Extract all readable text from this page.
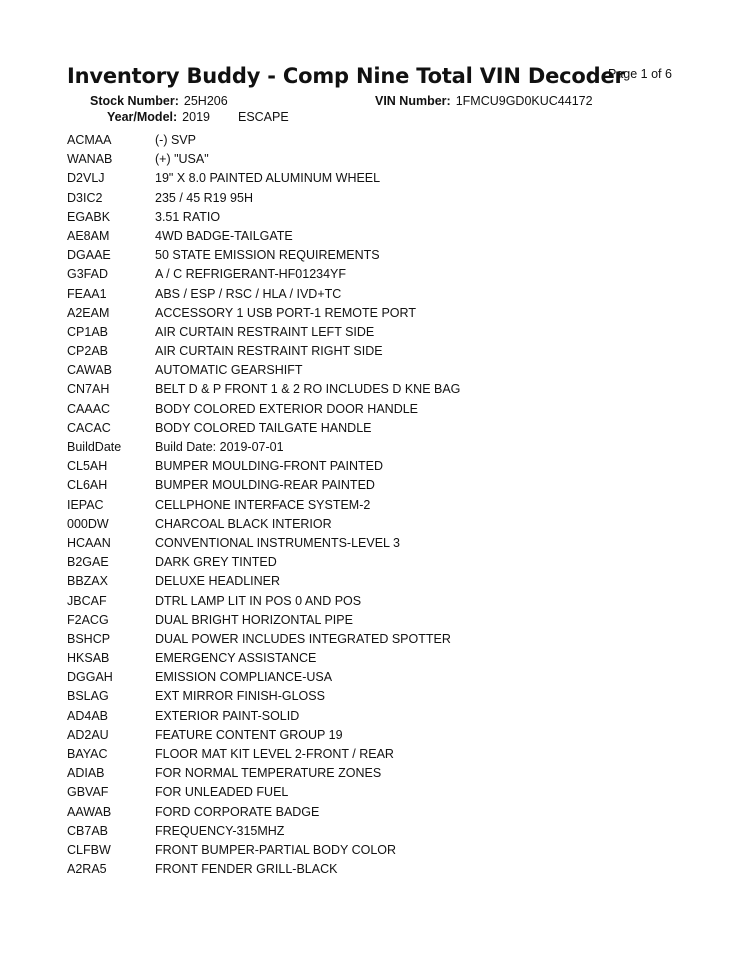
Inventory Buddy - Comp Nine Total VIN Decoder
Page 1 of 6
Stock Number: 25H206	VIN Number: 1FMCU9GD0KUC44172
Year/Model: 2019 ESCAPE
ACMAA	(-) SVP
WANAB	(+) "USA"
D2VLJ	19" X 8.0 PAINTED ALUMINUM WHEEL
D3IC2	235 / 45 R19 95H
EGABK	3.51 RATIO
AE8AM	4WD BADGE-TAILGATE
DGAAE	50 STATE EMISSION REQUIREMENTS
G3FAD	A / C REFRIGERANT-HF01234YF
FEAA1	ABS / ESP / RSC / HLA / IVD+TC
A2EAM	ACCESSORY 1 USB PORT-1 REMOTE PORT
CP1AB	AIR CURTAIN RESTRAINT LEFT SIDE
CP2AB	AIR CURTAIN RESTRAINT RIGHT SIDE
CAWAB	AUTOMATIC GEARSHIFT
CN7AH	BELT D & P FRONT 1 & 2 RO INCLUDES D KNE BAG
CAAAC	BODY COLORED EXTERIOR DOOR HANDLE
CACAC	BODY COLORED TAILGATE HANDLE
BuildDate	Build Date: 2019-07-01
CL5AH	BUMPER MOULDING-FRONT PAINTED
CL6AH	BUMPER MOULDING-REAR PAINTED
IEPAC	CELLPHONE INTERFACE SYSTEM-2
000DW	CHARCOAL BLACK INTERIOR
HCAAN	CONVENTIONAL INSTRUMENTS-LEVEL 3
B2GAE	DARK GREY TINTED
BBZAX	DELUXE HEADLINER
JBCAF	DTRL LAMP LIT IN POS 0 AND POS
F2ACG	DUAL BRIGHT HORIZONTAL PIPE
BSHCP	DUAL POWER INCLUDES INTEGRATED SPOTTER
HKSAB	EMERGENCY ASSISTANCE
DGGAH	EMISSION COMPLIANCE-USA
BSLAG	EXT MIRROR FINISH-GLOSS
AD4AB	EXTERIOR PAINT-SOLID
AD2AU	FEATURE CONTENT GROUP 19
BAYAC	FLOOR MAT KIT LEVEL 2-FRONT / REAR
ADIAB	FOR NORMAL TEMPERATURE ZONES
GBVAF	FOR UNLEADED FUEL
AAWAB	FORD CORPORATE BADGE
CB7AB	FREQUENCY-315MHZ
CLFBW	FRONT BUMPER-PARTIAL BODY COLOR
A2RA5	FRONT FENDER GRILL-BLACK
